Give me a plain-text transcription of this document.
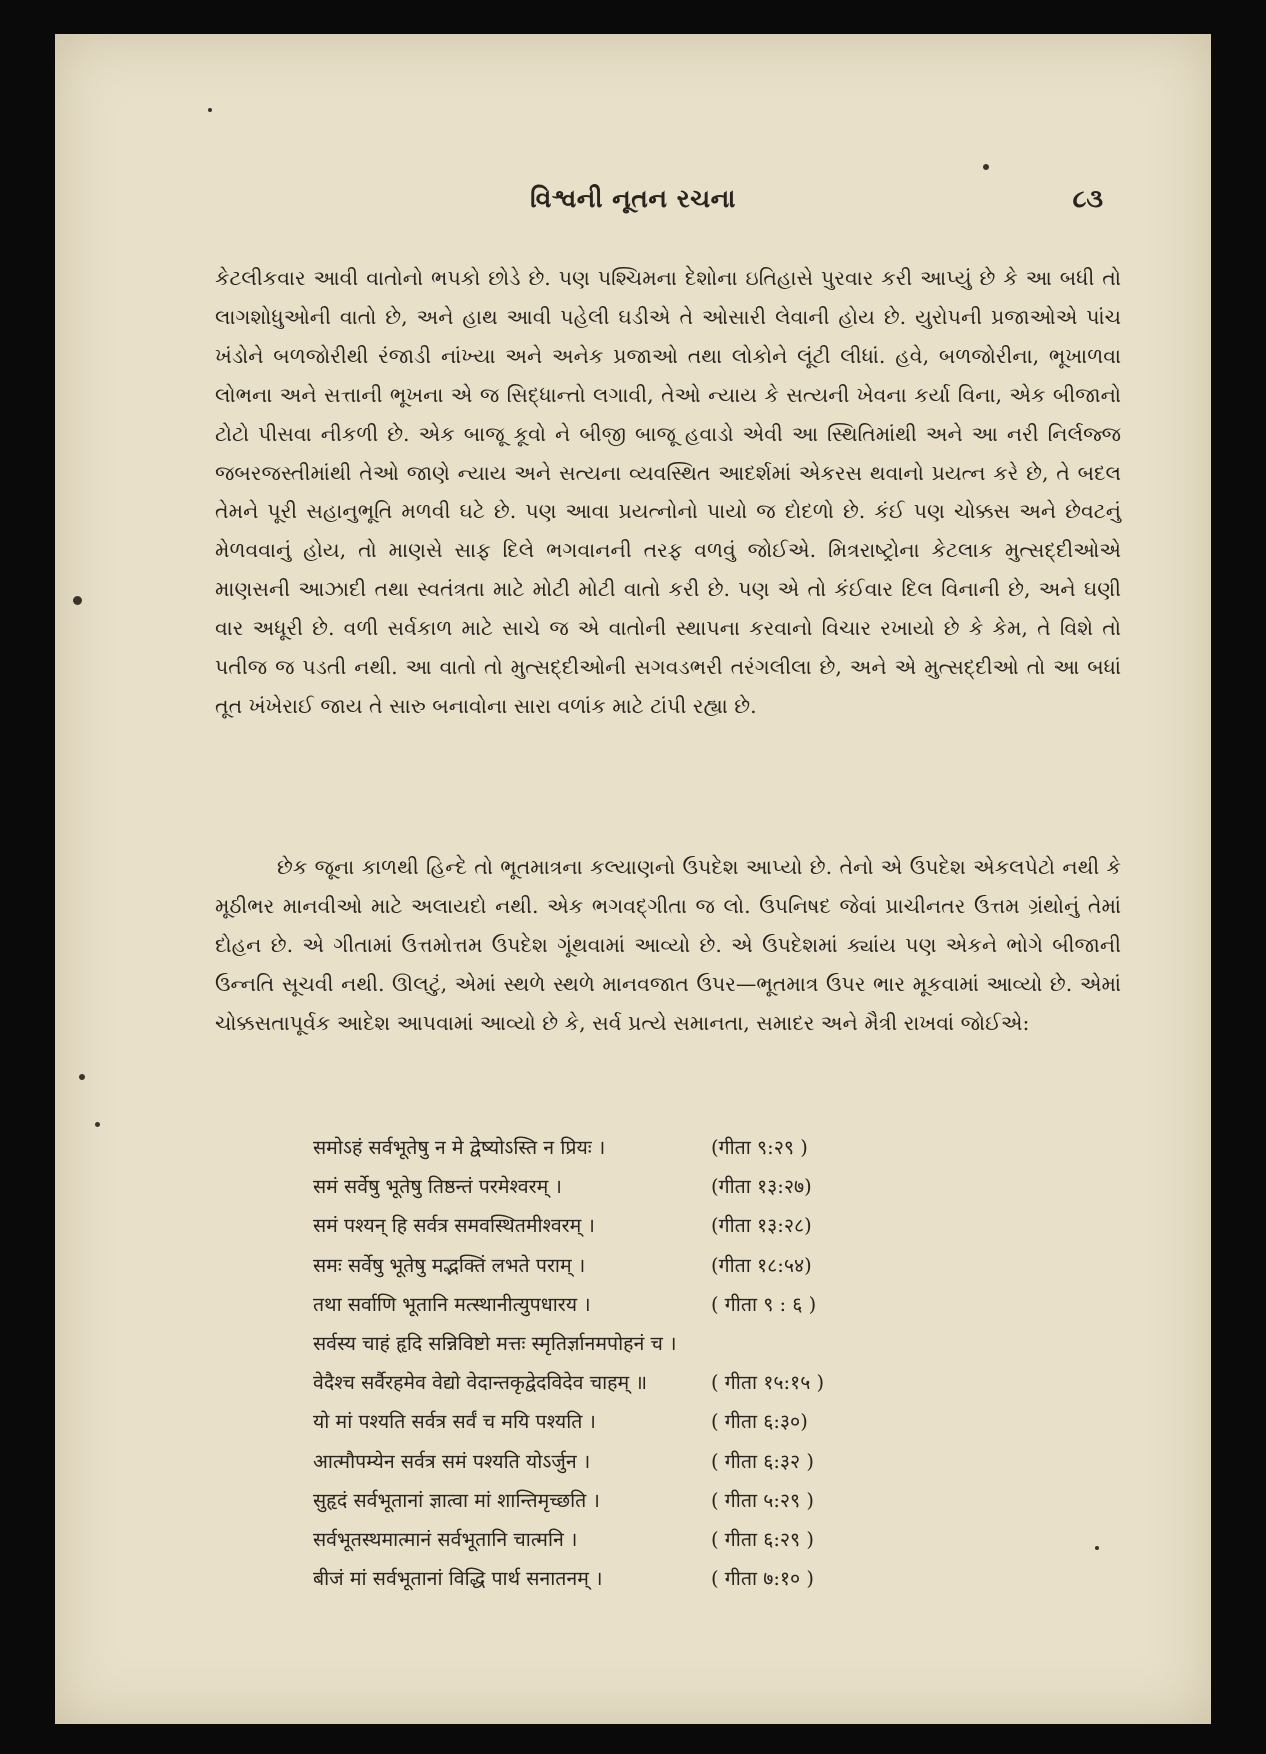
વિશ્વની નૂતન રચના	૮૩

કેટલીકવાર આવી વાતોનો ભપકો છોડે છે. પણ પશ્ચિમના દેશોના ઇતિહાસે પુરવાર કરી આપ્યું છે કે આ બધી તો લાગશોધુઓની વાતો છે, અને હાથ આવી પહેલી ઘડીએ તે ઓસારી લેવાની હોય છે. યુરોપની પ્રજાઓએ પાંચ ખંડોને બળજોરીથી રંજાડી નાંખ્યા અને અનેક પ્રજાઓ તથા લોકોને લૂંટી લીધાં. હવે, બળજોરીના, ભૂખાળવા લોભના અને સત્તાની ભૂખના એ જ સિદ્ધાન્તો લગાવી, તેઓ ન્યાય કે સત્યની ખેવના કર્યા વિના, એક બીજાનો ટોટો પીસવા નીકળી છે. એક બાજૂ કૂવો ને બીજી બાજૂ હવાડો એવી આ સ્થિતિમાંથી અને આ નરી નિર્લજ્જ જબરજસ્તીમાંથી તેઓ જાણે ન્યાય અને સત્યના વ્યવસ્થિત આદર્શમાં એકરસ થવાનો પ્રયત્ન કરે છે, તે બદલ તેમને પૂરી સહાનુભૂતિ મળવી ઘટે છે. પણ આવા પ્રયત્નોનો પાયો જ દોદળો છે. કંઈ પણ ચોક્કસ અને છેવટનું મેળવવાનું હોય, તો માણસે સાફ દિલે ભગવાનની તરફ વળવું જોઈએ. મિત્રરાષ્ટ્રોના કેટલાક મુત્સદ્દીઓએ માણસની આઝાદી તથા સ્વતંત્રતા માટે મોટી મોટી વાતો કરી છે. પણ એ તો કંઈવાર દિલ વિનાની છે, અને ઘણી વાર અધૂરી છે. વળી સર્વકાળ માટે સાચે જ એ વાતોની સ્થાપના કરવાનો વિચાર રખાયો છે કે કેમ, તે વિશે તો પતીજ જ પડતી નથી. આ વાતો તો મુત્સદ્દીઓની સગવડભરી તરંગલીલા છે, અને એ મુત્સદ્દીઓ તો આ બધાં તૂત ખંખેરાઈ જાય તે સારુ બનાવોના સારા વળાંક માટે ટાંપી રહ્યા છે.

છેક જૂના કાળથી હિન્દે તો ભૂતમાત્રના કલ્યાણનો ઉપદેશ આપ્યો છે. તેનો એ ઉપદેશ એકલપેટો નથી કે મૂઠીભર માનવીઓ માટે અલાયદો નથી. એક ભગવદ્ગીતા જ લો. ઉપનિષદ જેવાં પ્રાચીનતર ઉત્તમ ગ્રંથોનું તેમાં દોહન છે. એ ગીતામાં ઉત્તમોત્તમ ઉપદેશ ગૂંથવામાં આવ્યો છે. એ ઉપદેશમાં ક્યાંય પણ એકને ભોગે બીજાની ઉન્નતિ સૂચવી નથી. ઊલટું, એમાં સ્થળે સ્થળે માનવજાત ઉપર—ભૂતમાત્ર ઉપર ભાર મૂકવામાં આવ્યો છે. એમાં ચોક્કસતાપૂર્વક આદેશ આપવામાં આવ્યો છે કે, સર્વ પ્રત્યે સમાનતા, સમાદર અને મૈત્રી રાખવાં જોઈએ:

समोऽहं सर्वभूतेषु न मे द्वेष्योऽस्ति न प्रियः ।	(गीता ९:२९ )
समं सर्वेषु भूतेषु तिष्ठन्तं परमेश्वरम् ।	(गीता १३:२७)
समं पश्यन् हि सर्वत्र समवस्थितमीश्वरम् ।	(गीता १३:२८)
समः सर्वेषु भूतेषु मद्भक्तिं लभते पराम् ।	(गीता १८:५४)
तथा सर्वाणि भूतानि मत्स्थानीत्युपधारय ।	( गीता ९ : ६ )
सर्वस्य चाहं हृदि सन्निविष्टो मत्तः स्मृतिर्ज्ञानमपोहनं च ।
वेदैश्च सर्वैरहमेव वेद्यो वेदान्तकृद्वेदविदेव चाहम् ॥	( गीता १५:१५ )
यो मां पश्यति सर्वत्र सर्वं च मयि पश्यति ।	( गीता ६:३०)
आत्मौपम्येन सर्वत्र समं पश्यति योऽर्जुन ।	( गीता ६:३२ )
सुहृदं सर्वभूतानां ज्ञात्वा मां शान्तिमृच्छति ।	( गीता ५:२९ )
सर्वभूतस्थमात्मानं सर्वभूतानि चात्मनि ।	( गीता ६:२९ )
बीजं मां सर्वभूतानां विद्धि पार्थ सनातनम् ।	( गीता ७:१० )
